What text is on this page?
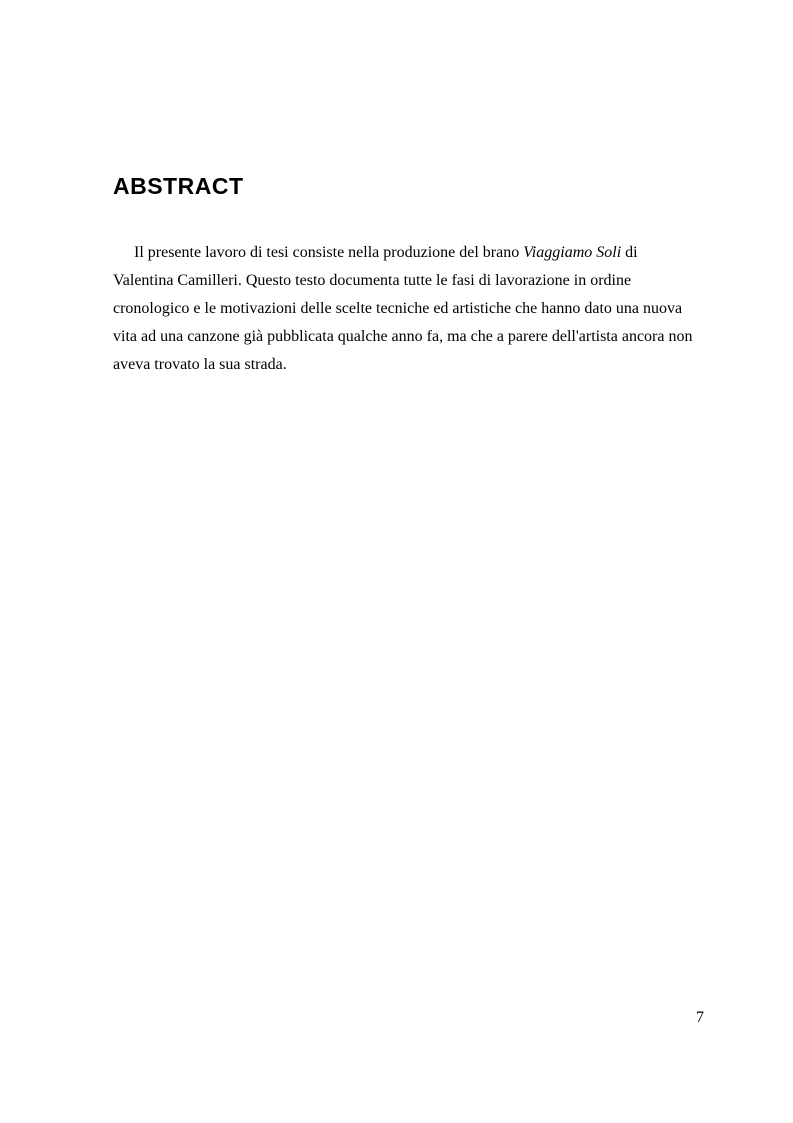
ABSTRACT

Il presente lavoro di tesi consiste nella produzione del brano Viaggiamo Soli di Valentina Camilleri. Questo testo documenta tutte le fasi di lavorazione in ordine cronologico e le motivazioni delle scelte tecniche ed artistiche che hanno dato una nuova vita ad una canzone già pubblicata qualche anno fa, ma che a parere dell'artista ancora non aveva trovato la sua strada.

7
